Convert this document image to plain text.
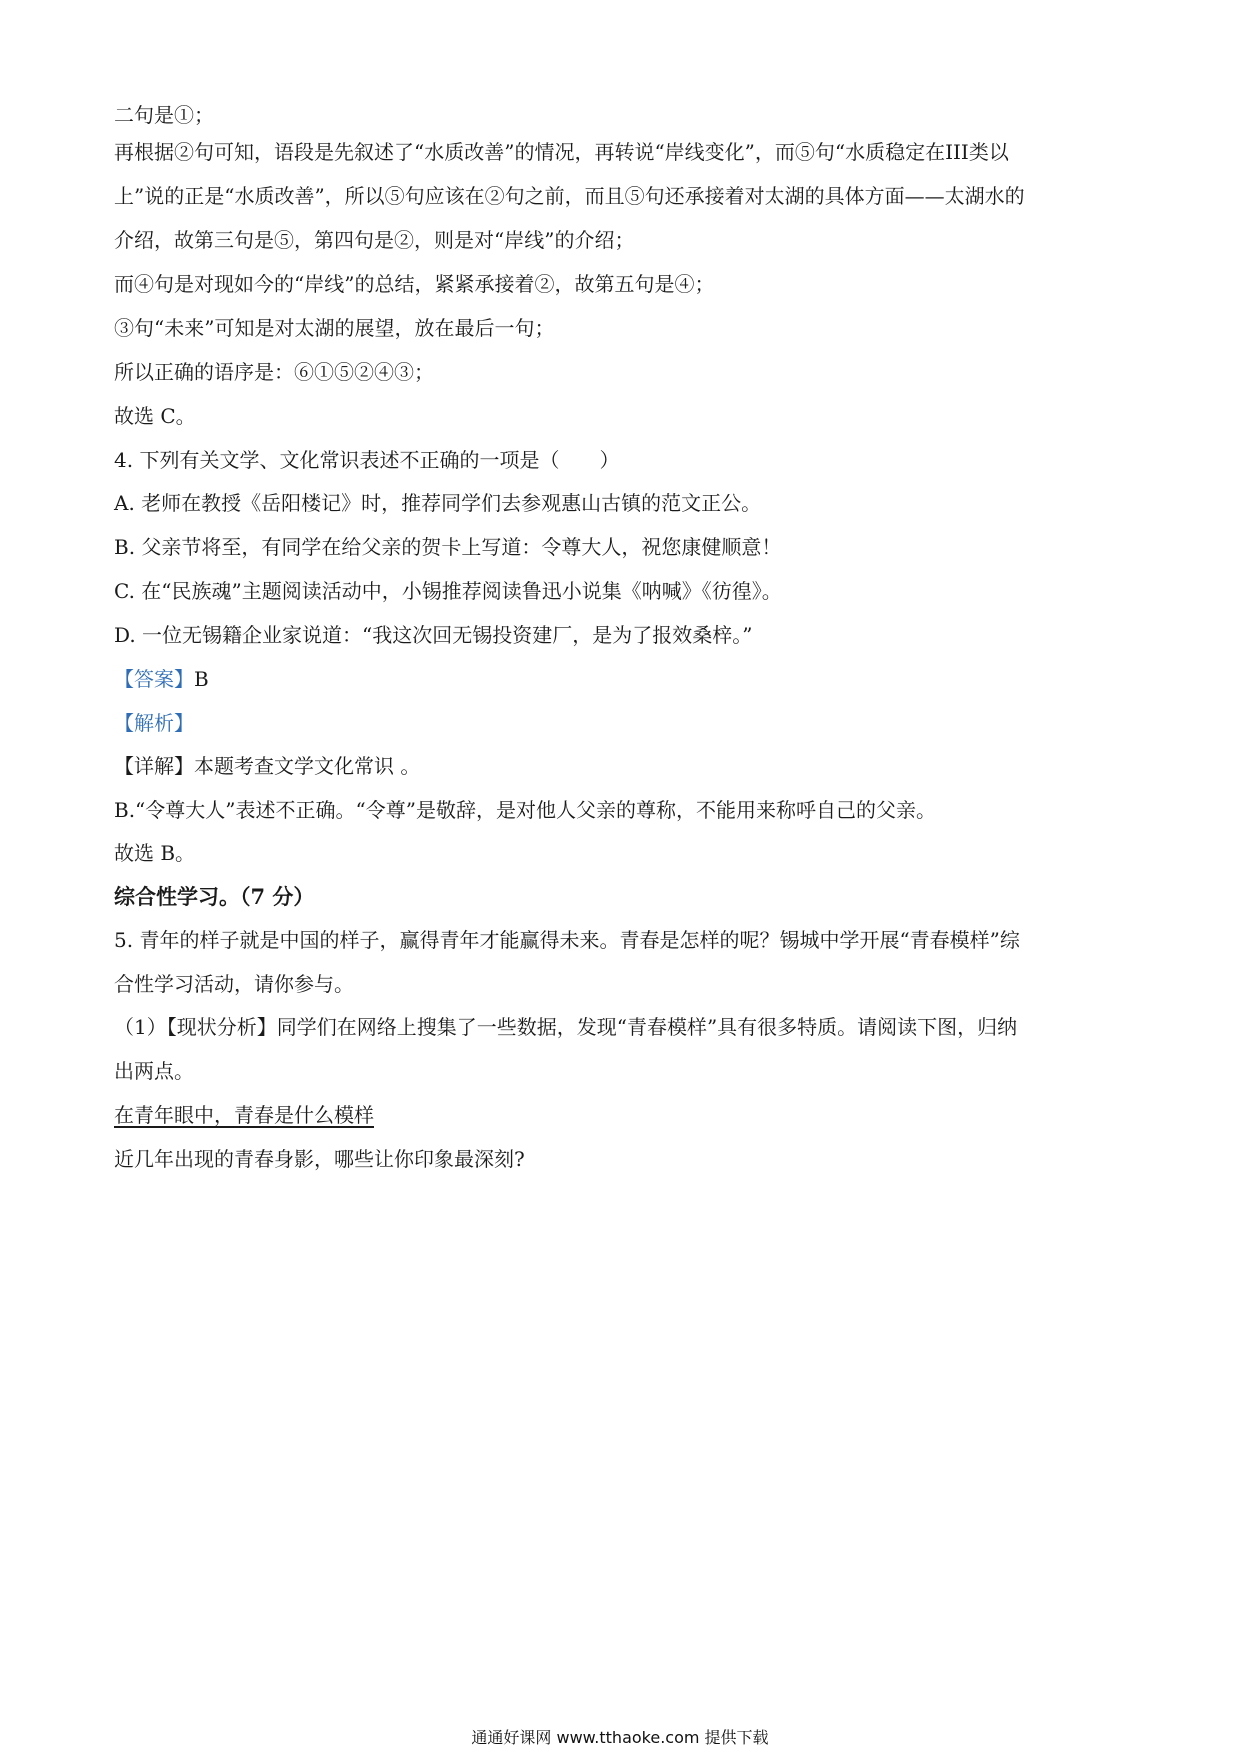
二句是①；
再根据②句可知，语段是先叙述了“水质改善”的情况，再转说“岸线变化”，而⑤句“水质稳定在III类以
上”说的正是“水质改善”，所以⑤句应该在②句之前，而且⑤句还承接着对太湖的具体方面——太湖水的
介绍，故第三句是⑤，第四句是②，则是对“岸线”的介绍；
而④句是对现如今的“岸线”的总结，紧紧承接着②，故第五句是④；
③句“未来”可知是对太湖的展望，放在最后一句；
所以正确的语序是：⑥①⑤②④③；
故选 C。
4. 下列有关文学、文化常识表述不正确的一项是（　　）
A. 老师在教授《岳阳楼记》时，推荐同学们去参观惠山古镇的范文正公。
B. 父亲节将至，有同学在给父亲的贺卡上写道：令尊大人，祝您康健顺意！
C. 在“民族魂”主题阅读活动中，小锡推荐阅读鲁迅小说集《呐喊》《彷徨》。
D. 一位无锡籍企业家说道：“我这次回无锡投资建厂，是为了报效桑梓。”
【答案】B
【解析】
【详解】本题考查文学文化常识 。
B.“令尊大人”表述不正确。“令尊”是敬辞，是对他人父亲的尊称，不能用来称呼自己的父亲。
故选 B。
综合性学习。（7 分）
5. 青年的样子就是中国的样子，赢得青年才能赢得未来。青春是怎样的呢？锡城中学开展“青春模样”综
合性学习活动，请你参与。
（1）【现状分析】同学们在网络上搜集了一些数据，发现“青春模样”具有很多特质。请阅读下图，归纳
出两点。
在青年眼中，青春是什么模样
近几年出现的青春身影，哪些让你印象最深刻?
通通好课网 www.tthaoke.com 提供下载
